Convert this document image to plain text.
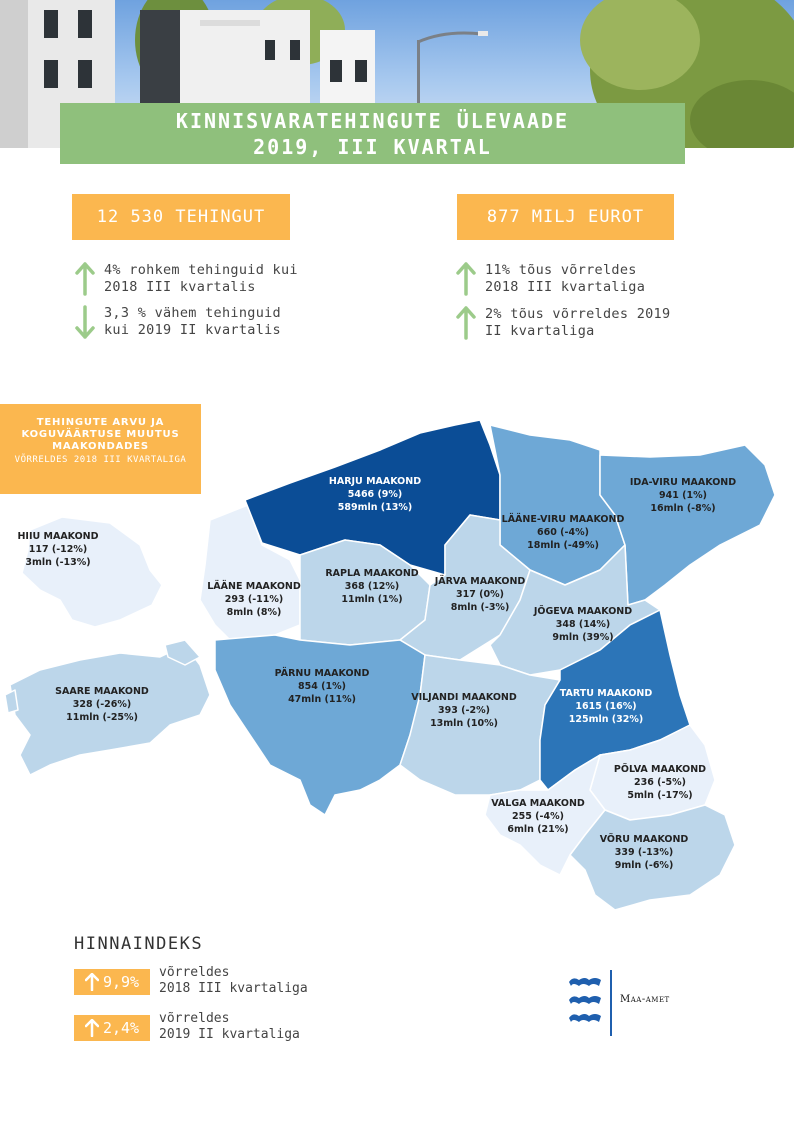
KINNISVARATEHINGUTE ÜLEVAADE
2019, III KVARTAL
12 530 TEHINGUT
4% rohkem tehinguid kui 2018 III kvartalis
3,3 % vähem tehinguid kui 2019 II kvartalis
877 MILJ EUROT
11% tõus võrreldes 2018 III kvartaliga
2% tõus võrreldes 2019 II kvartaliga
HARJU MAAKOND
5466 (9%)
589mln (13%)
IDA-VIRU MAAKOND
941 (1%)
16mln (-8%)
LÄÄNE-VIRU MAAKOND
660 (-4%)
18mln (-49%)
HIIU MAAKOND
117 (-12%)
3mln (-13%)
LÄÄNE MAAKOND
293 (-11%)
8mln (8%)
RAPLA MAAKOND
368 (12%)
11mln (1%)
JÄRVA MAAKOND
317 (0%)
8mln (-3%)	JÕGEVA MAAKOND
348 (14%)
9mln (39%)
PÄRNU MAAKOND
854 (1%)
47mln (11%)
SAARE MAAKOND
328 (-26%)
11mln (-25%)
VILJANDI MAAKOND
393 (-2%)
13mln (10%)
TARTU MAAKOND
1615 (16%)
125mln (32%)
PÕLVA MAAKOND
236 (-5%)
5mln (-17%)
VALGA MAAKOND
255 (-4%)
6mln (21%)
VÕRU MAAKOND
339 (-13%)
9mln (-6%)
TEHINGUTE ARVU JA KOGUVÄÄRTUSE MUUTUS MAAKONDADES
VÕRRELDES 2018 III KVARTALIGA
HINNAINDEKS
9,9%
võrreldes
2018 III kvartaliga
2,4%
võrreldes
2019 II kvartaliga
Maa-amet
